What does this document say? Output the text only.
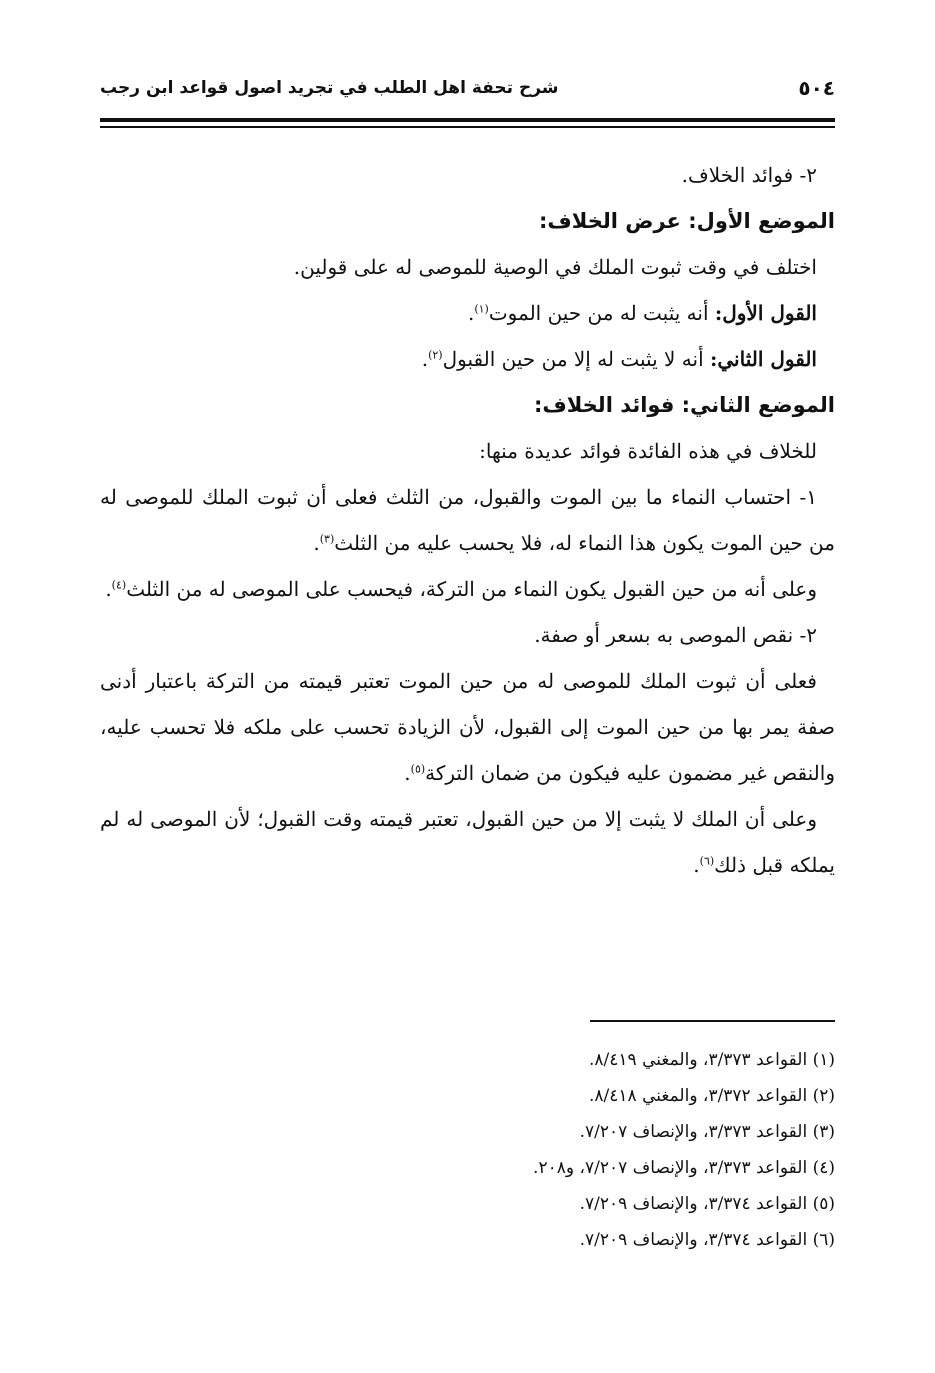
٥٠٤
شرح تحفة اهل الطلب في تجريد اصول قواعد ابن رجب

٢- فوائد الخلاف.

الموضع الأول: عرض الخلاف:

اختلف في وقت ثبوت الملك في الوصية للموصى له على قولين.

القول الأول: أنه يثبت له من حين الموت$^{(١)}$.

القول الثاني: أنه لا يثبت له إلا من حين القبول$^{(٢)}$.

الموضع الثاني: فوائد الخلاف:

للخلاف في هذه الفائدة فوائد عديدة منها:

١- احتساب النماء ما بين الموت والقبول، من الثلث فعلى أن ثبوت الملك للموصى له من حين الموت يكون هذا النماء له، فلا يحسب عليه من الثلث$^{(٣)}$.

وعلى أنه من حين القبول يكون النماء من التركة، فيحسب على الموصى له من الثلث$^{(٤)}$.

٢- نقص الموصى به بسعر أو صفة.

فعلى أن ثبوت الملك للموصى له من حين الموت تعتبر قيمته من التركة باعتبار أدنى صفة يمر بها من حين الموت إلى القبول، لأن الزيادة تحسب على ملكه فلا تحسب عليه، والنقص غير مضمون عليه فيكون من ضمان التركة$^{(٥)}$.

وعلى أن الملك لا يثبت إلا من حين القبول، تعتبر قيمته وقت القبول؛ لأن الموصى له لم يملكه قبل ذلك$^{(٦)}$.

(١) القواعد ٣/٣٧٣، والمغني ٨/٤١٩.

(٢) القواعد ٣/٣٧٢، والمغني ٨/٤١٨.

(٣) القواعد ٣/٣٧٣، والإنصاف ٧/٢٠٧.

(٤) القواعد ٣/٣٧٣، والإنصاف ٧/٢٠٧، و٢٠٨.

(٥) القواعد ٣/٣٧٤، والإنصاف ٧/٢٠٩.

(٦) القواعد ٣/٣٧٤، والإنصاف ٧/٢٠٩.
